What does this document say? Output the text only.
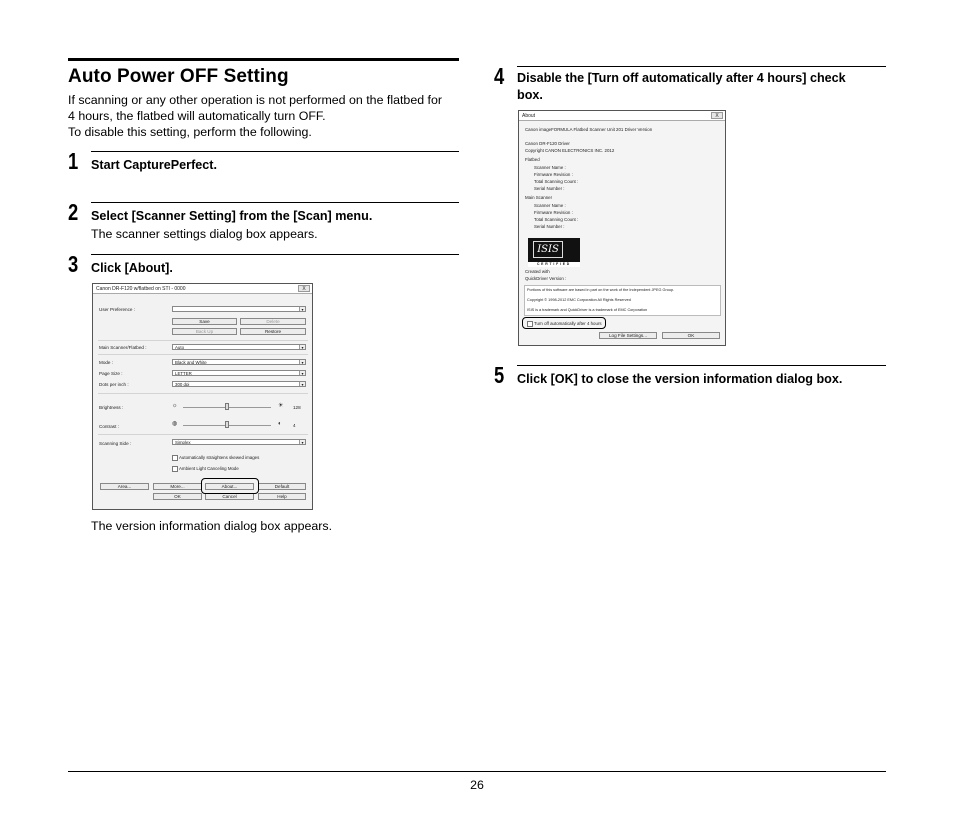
Auto Power OFF Setting
If scanning or any other operation is not performed on the flatbed for
4 hours, the flatbed will automatically turn OFF.
To disable this setting, perform the following.
1 Start CapturePerfect.
2 Select [Scanner Setting] from the [Scan] menu.
The scanner settings dialog box appears.
3 Click [About].
The version information dialog box appears.
Canon DR-F120 w/flatbed on STI - 0000	X
User Preference :	▾
Save	Delete
Back Up	Restore
Main Scanner/Flatbed :	Auto	▾
Mode :	Black and White	▾
Page Size :	LETTER	▾
Dots per inch :	300 dpi	▾
Brightness :	☼	☀ 128
Contrast :	◍	◐ 4
Scanning Side :	Simplex	▾
Automatically straightens skewed images
Ambient Light Canceling Mode
Area...	More...	About...	Default
OK	Cancel	Help
4 Disable the [Turn off automatically after 4 hours] check
box.
5 Click [OK] to close the version information dialog box.
About	X
Canon imageFORMULA Flatbed Scanner Unit 201 Driver Version
Canon DR-F120 Driver
Copyright CANON ELECTRONICS INC. 2012
Flatbed
Scanner Name :
Firmware Revision :
Total Scanning Count :
Serial Number :
Main Scanner
Scanner Name :
Firmware Revision :
Total Scanning Count :
Serial Number :
ISIS
CERTIFIED
Created with
QuickDriver Version :
Portions of this software are based in part on the work of the Independent JPEG Group.
Copyright © 1998-2012 EMC Corporation All Rights Reserved
ISIS is a trademark and QuickDriver is a trademark of EMC Corporation
Turn off automatically after 4 hours
Log File Settings...	OK
26
